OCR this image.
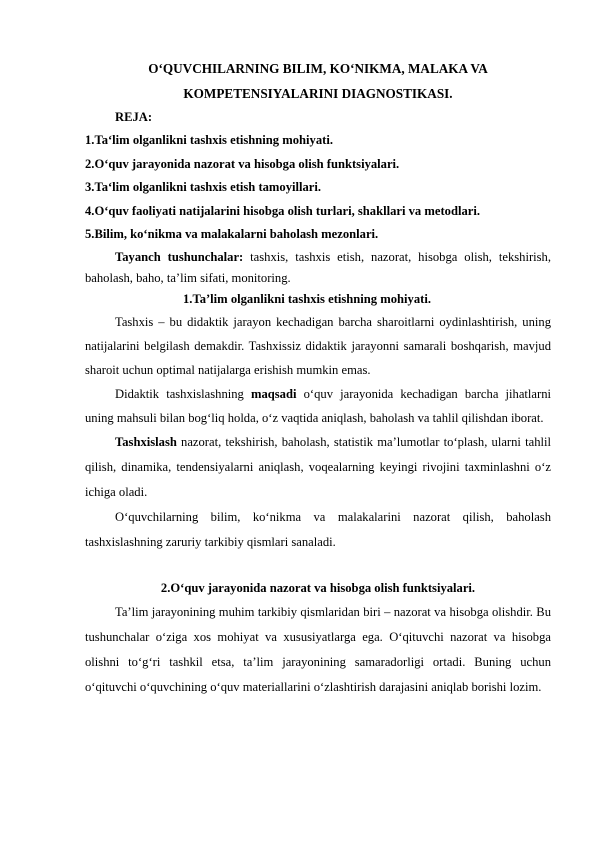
O‘QUVCHILARNING BILIM, KO‘NIKMA, MALAKA VA
KOMPETENSIYALARINI DIAGNOSTIKASI.
REJA:
1.Ta‘lim olganlikni tashxis etishning mohiyati.
2.O‘quv jarayonida nazorat va hisobga olish funktsiyalari.
3.Ta‘lim olganlikni tashxis etish tamoyillari.
4.O‘quv faoliyati natijalarini hisobga olish turlari, shakllari va metodlari.
5.Bilim, ko‘nikma va malakalarni baholash mezonlari.

Tayanch tushunchalar: tashxis, tashxis etish, nazorat, hisobga olish, tekshirish, baholash, baho, ta’lim sifati, monitoring.

1.Ta’lim olganlikni tashxis etishning mohiyati.

Tashxis – bu didaktik jarayon kechadigan barcha sharoitlarni oydinlashtirish, uning natijalarini belgilash demakdir. Tashxissiz didaktik jarayonni samarali boshqarish, mavjud sharoit uchun optimal natijalarga erishish mumkin emas.

Didaktik tashxislashning maqsadi o‘quv jarayonida kechadigan barcha jihatlarni uning mahsuli bilan bog‘liq holda, o‘z vaqtida aniqlash, baholash va tahlil qilishdan iborat.

Tashxislash nazorat, tekshirish, baholash, statistik ma’lumotlar to‘plash, ularni tahlil qilish, dinamika, tendensiyalarni aniqlash, voqealarning keyingi rivojini taxminlashni o‘z ichiga oladi.

O‘quvchilarning bilim, ko‘nikma va malakalarini nazorat qilish, baholash tashxislashning zaruriy tarkibiy qismlari sanaladi.

2.O‘quv jarayonida nazorat va hisobga olish funktsiyalari.

Ta’lim jarayonining muhim tarkibiy qismlaridan biri – nazorat va hisobga olishdir. Bu tushunchalar o‘ziga xos mohiyat va xususiyatlarga ega. O‘qituvchi nazorat va hisobga olishni to‘g‘ri tashkil etsa, ta’lim jarayonining samaradorligi ortadi. Buning uchun o‘qituvchi o‘quvchining o‘quv materiallarini o‘zlashtirish darajasini aniqlab borishi lozim.
